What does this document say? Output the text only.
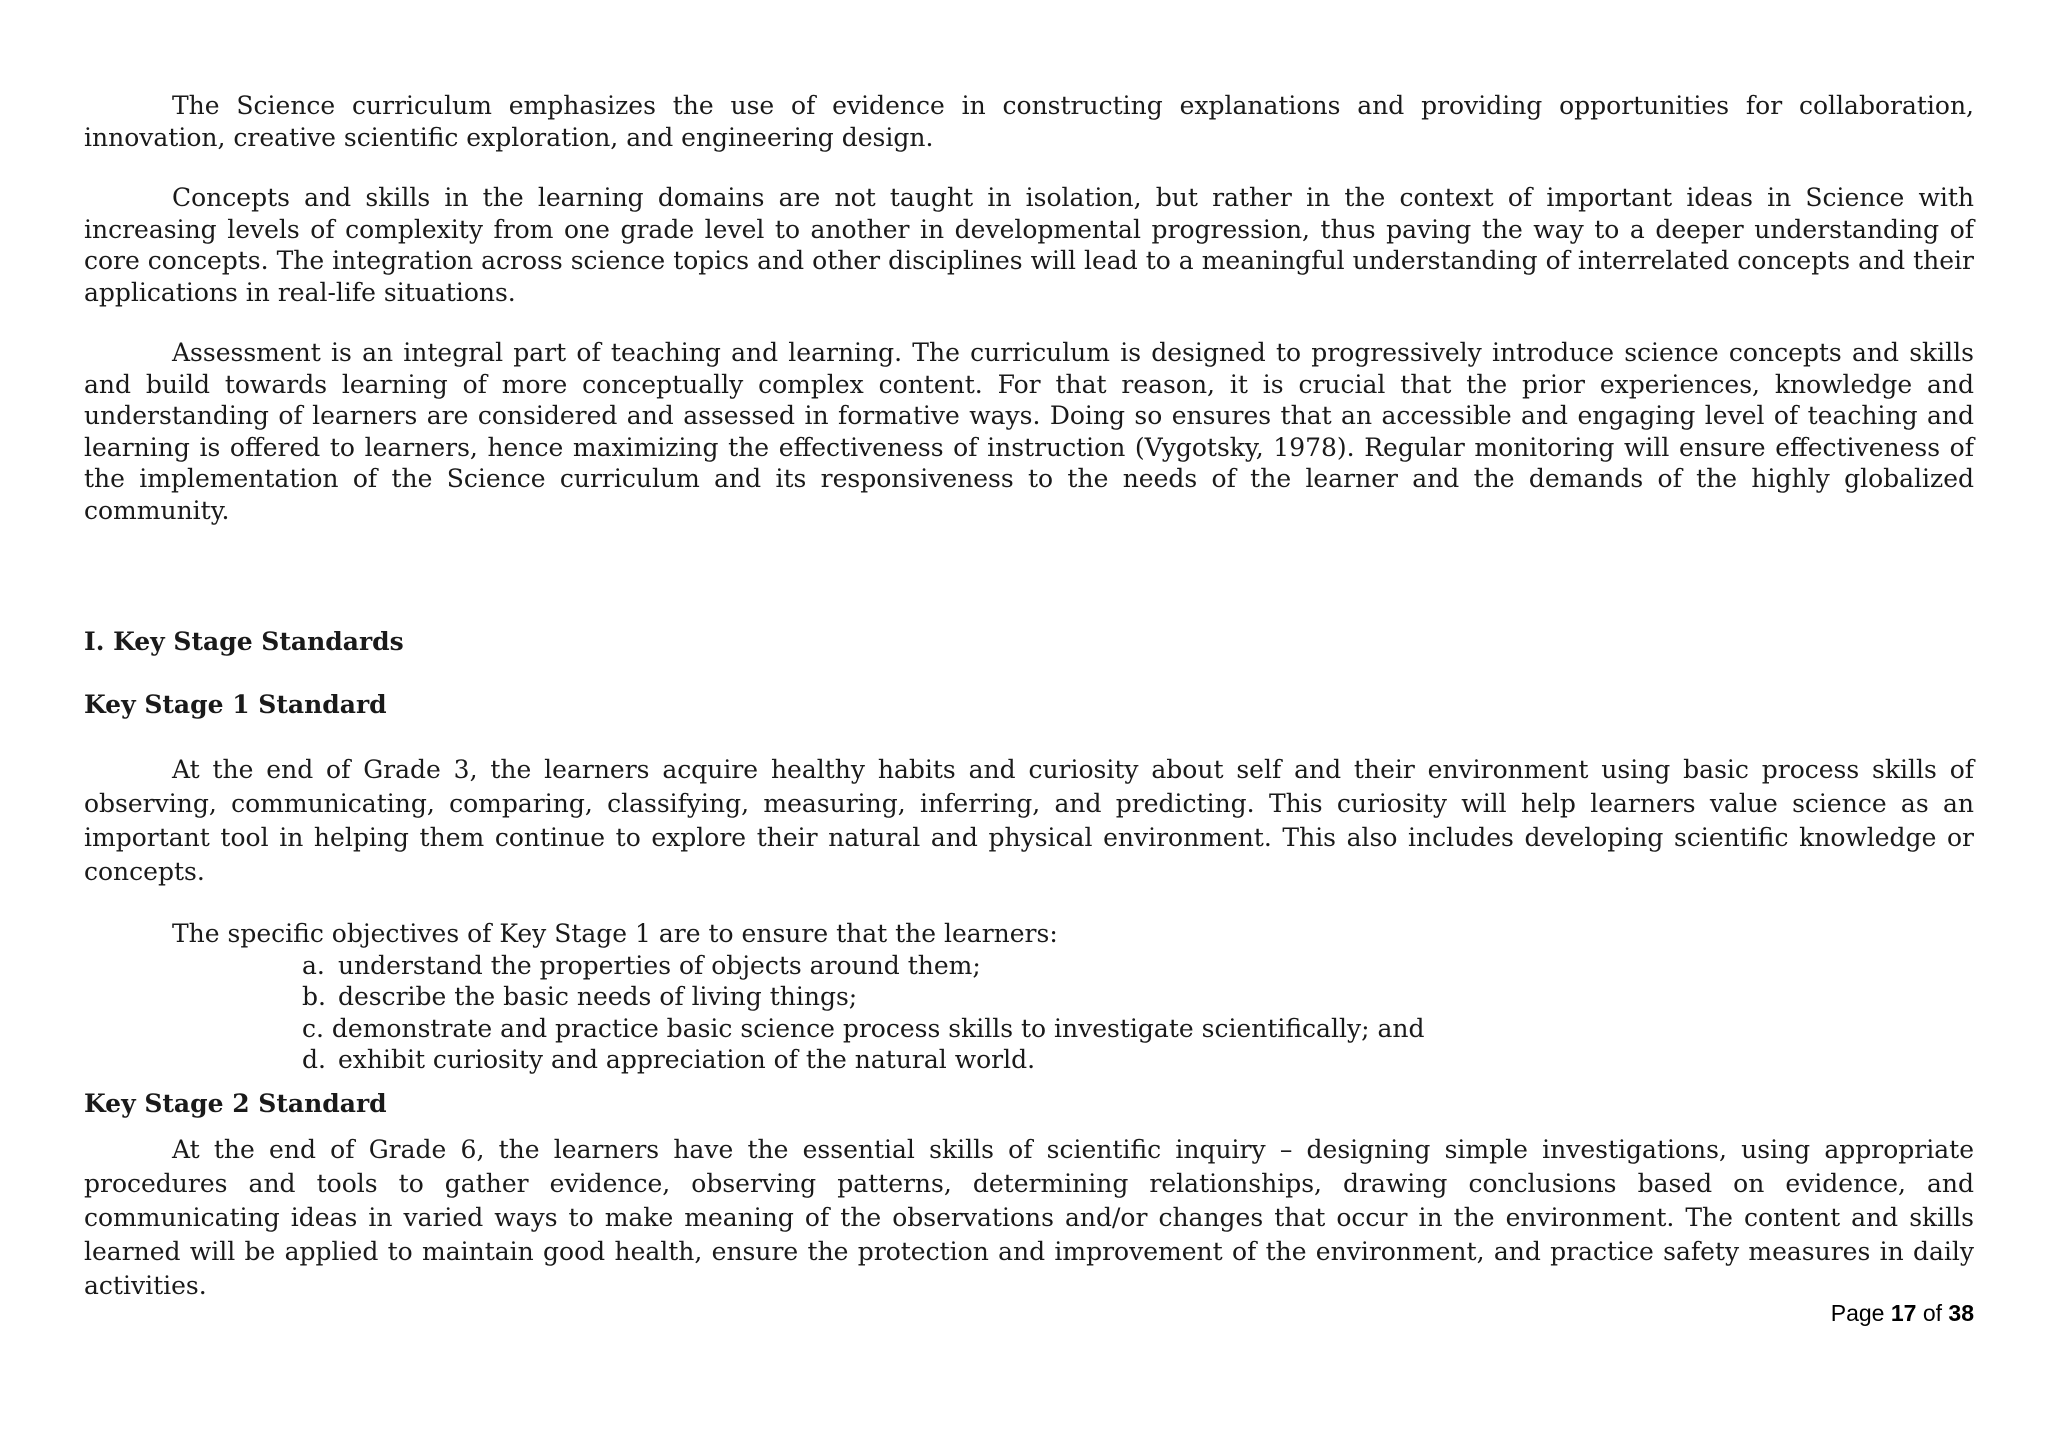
The Science curriculum emphasizes the use of evidence in constructing explanations and providing opportunities for collaboration, innovation, creative scientific exploration, and engineering design.

Concepts and skills in the learning domains are not taught in isolation, but rather in the context of important ideas in Science with increasing levels of complexity from one grade level to another in developmental progression, thus paving the way to a deeper understanding of core concepts. The integration across science topics and other disciplines will lead to a meaningful understanding of interrelated concepts and their applications in real-life situations.

Assessment is an integral part of teaching and learning. The curriculum is designed to progressively introduce science concepts and skills and build towards learning of more conceptually complex content. For that reason, it is crucial that the prior experiences, knowledge and understanding of learners are considered and assessed in formative ways. Doing so ensures that an accessible and engaging level of teaching and learning is offered to learners, hence maximizing the effectiveness of instruction (Vygotsky, 1978). Regular monitoring will ensure effectiveness of the implementation of the Science curriculum and its responsiveness to the needs of the learner and the demands of the highly globalized community.

I. Key Stage Standards
Key Stage 1 Standard

At the end of Grade 3, the learners acquire healthy habits and curiosity about self and their environment using basic process skills of observing, communicating, comparing, classifying, measuring, inferring, and predicting. This curiosity will help learners value science as an important tool in helping them continue to explore their natural and physical environment. This also includes developing scientific knowledge or concepts.

The specific objectives of Key Stage 1 are to ensure that the learners:

a. understand the properties of objects around them;
b. describe the basic needs of living things;
c. demonstrate and practice basic science process skills to investigate scientifically; and
d. exhibit curiosity and appreciation of the natural world.
Key Stage 2 Standard

At the end of Grade 6, the learners have the essential skills of scientific inquiry – designing simple investigations, using appropriate procedures and tools to gather evidence, observing patterns, determining relationships, drawing conclusions based on evidence, and communicating ideas in varied ways to make meaning of the observations and/or changes that occur in the environment. The content and skills learned will be applied to maintain good health, ensure the protection and improvement of the environment, and practice safety measures in daily activities.

Page 17 of 38
